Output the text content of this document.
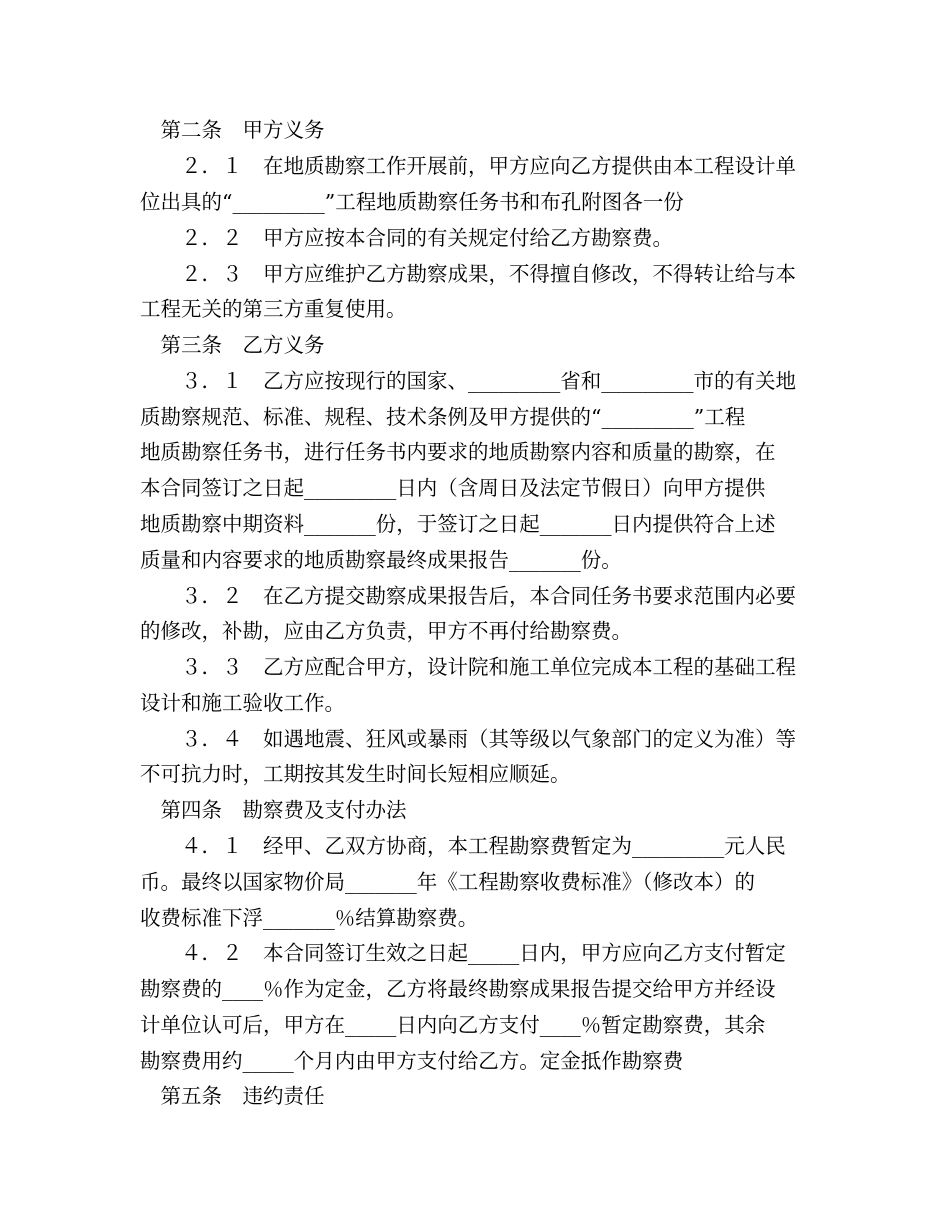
　第二条　甲方义务
　　２．１　在地质勘察工作开展前，甲方应向乙方提供由本工程设计单
位出具的“_________”工程地质勘察任务书和布孔附图各一份
　　２．２　甲方应按本合同的有关规定付给乙方勘察费。
　　２．３　甲方应维护乙方勘察成果，不得擅自修改，不得转让给与本
工程无关的第三方重复使用。
　第三条　乙方义务
　　３．１　乙方应按现行的国家、_________省和_________市的有关地
质勘察规范、标准、规程、技术条例及甲方提供的“_________”工程
地质勘察任务书，进行任务书内要求的地质勘察内容和质量的勘察，在
本合同签订之日起_________日内（含周日及法定节假日）向甲方提供
地质勘察中期资料_______份，于签订之日起_______日内提供符合上述
质量和内容要求的地质勘察最终成果报告_______份。
　　３．２　在乙方提交勘察成果报告后，本合同任务书要求范围内必要
的修改，补勘，应由乙方负责，甲方不再付给勘察费。
　　３．３　乙方应配合甲方，设计院和施工单位完成本工程的基础工程
设计和施工验收工作。
　　３．４　如遇地震、狂风或暴雨（其等级以气象部门的定义为准）等
不可抗力时，工期按其发生时间长短相应顺延。
　第四条　勘察费及支付办法
　　４．１　经甲、乙双方协商，本工程勘察费暂定为_________元人民
币。最终以国家物价局_______年《工程勘察收费标准》（修改本）的
收费标准下浮_______％结算勘察费。
　　４．２　本合同签订生效之日起_____日内，甲方应向乙方支付暂定
勘察费的____％作为定金，乙方将最终勘察成果报告提交给甲方并经设
计单位认可后，甲方在_____日内向乙方支付____％暂定勘察费，其余
勘察费用约_____个月内由甲方支付给乙方。定金抵作勘察费
　第五条　违约责任
